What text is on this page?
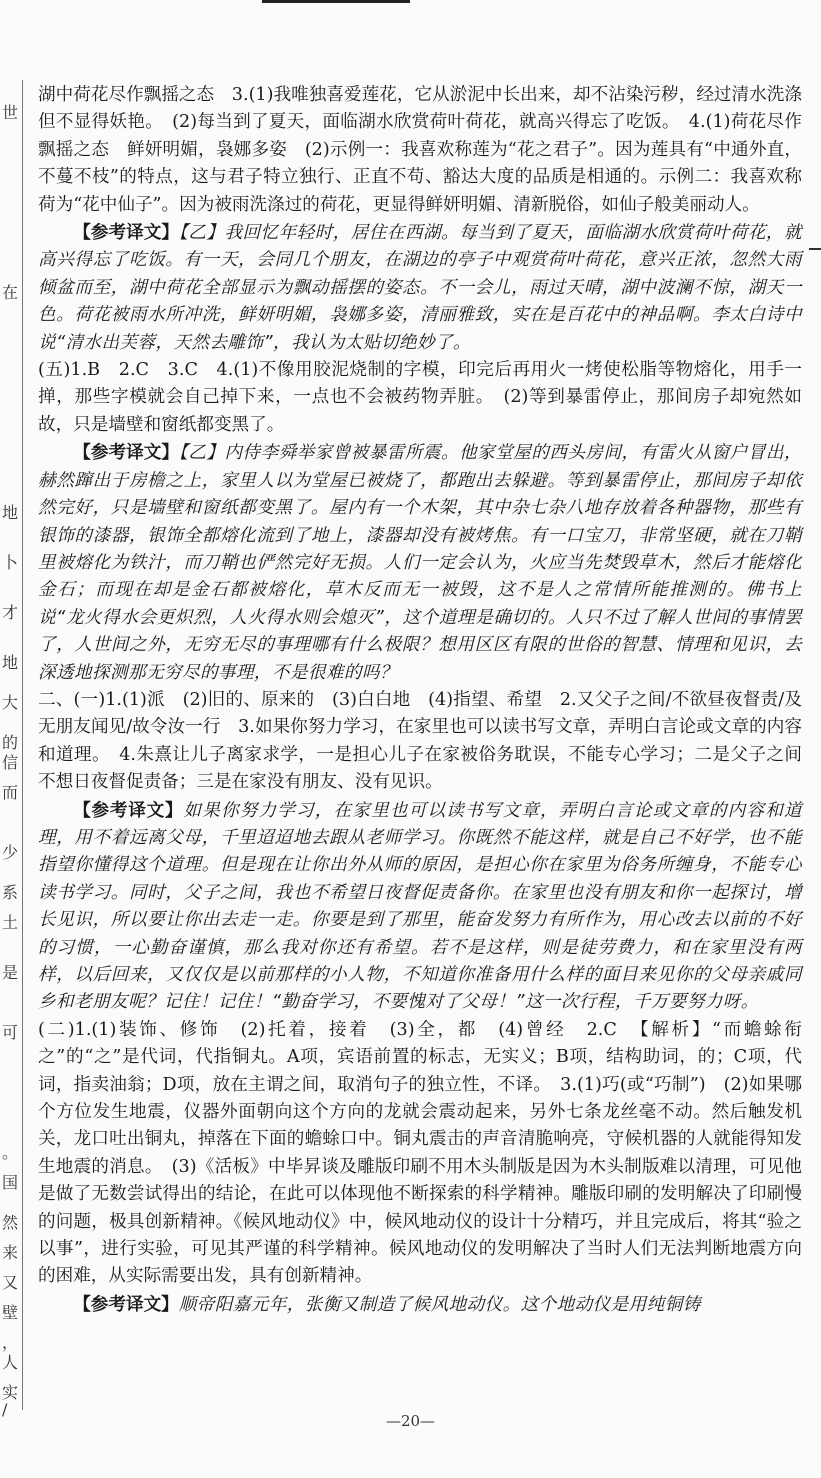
世
在
地
卜
才
地
大
的
信
而
少
系
土
是
可
。
国
然
来
又
壁
，
人
实
/

湖中荷花尽作飘摇之态　3.(1)我唯独喜爱莲花，它从淤泥中长出来，却不沾染污秽，经过清水洗涤但不显得妖艳。　(2)每当到了夏天，面临湖水欣赏荷叶荷花，就高兴得忘了吃饭。　4.(1)荷花尽作飘摇之态　鲜妍明媚，袅娜多姿　(2)示例一：我喜欢称莲为“花之君子”。因为莲具有“中通外直，不蔓不枝”的特点，这与君子特立独行、正直不苟、豁达大度的品质是相通的。示例二：我喜欢称荷为“花中仙子”。因为被雨洗涤过的荷花，更显得鲜妍明媚、清新脱俗，如仙子般美丽动人。

【参考译文】【乙】我回忆年轻时，居住在西湖。每当到了夏天，面临湖水欣赏荷叶荷花，就高兴得忘了吃饭。有一天，会同几个朋友，在湖边的亭子中观赏荷叶荷花，意兴正浓，忽然大雨倾盆而至，湖中荷花全部显示为飘动摇摆的姿态。不一会儿，雨过天晴，湖中波澜不惊，湖天一色。荷花被雨水所冲洗，鲜妍明媚，袅娜多姿，清丽雅致，实在是百花中的神品啊。李太白诗中说“清水出芙蓉，天然去雕饰”，我认为太贴切绝妙了。

(五)1.B　2.C　3.C　4.(1)不像用胶泥烧制的字模，印完后再用火一烤使松脂等物熔化，用手一掸，那些字模就会自己掉下来，一点也不会被药物弄脏。　(2)等到暴雷停止，那间房子却宛然如故，只是墙壁和窗纸都变黑了。

【参考译文】【乙】内侍李舜举家曾被暴雷所震。他家堂屋的西头房间，有雷火从窗户冒出，赫然蹿出于房檐之上，家里人以为堂屋已被烧了，都跑出去躲避。等到暴雷停止，那间房子却依然完好，只是墙壁和窗纸都变黑了。屋内有一个木架，其中杂七杂八地存放着各种器物，那些有银饰的漆器，银饰全都熔化流到了地上，漆器却没有被烤焦。有一口宝刀，非常坚硬，就在刀鞘里被熔化为铁汁，而刀鞘也俨然完好无损。人们一定会认为，火应当先焚毁草木，然后才能熔化金石；而现在却是金石都被熔化，草木反而无一被毁，这不是人之常情所能推测的。佛书上说“龙火得水会更炽烈，人火得水则会熄灭”，这个道理是确切的。人只不过了解人世间的事情罢了，人世间之外，无穷无尽的事理哪有什么极限？想用区区有限的世俗的智慧、情理和见识，去深透地探测那无穷尽的事理，不是很难的吗？

二、(一)1.(1)派　(2)旧的、原来的　(3)白白地　(4)指望、希望　2.又父子之间/不欲昼夜督责/及无朋友闻见/故令汝一行　3.如果你努力学习，在家里也可以读书写文章，弄明白言论或文章的内容和道理。　4.朱熹让儿子离家求学，一是担心儿子在家被俗务耽误，不能专心学习；二是父子之间不想日夜督促责备；三是在家没有朋友、没有见识。

【参考译文】如果你努力学习，在家里也可以读书写文章，弄明白言论或文章的内容和道理，用不着远离父母，千里迢迢地去跟从老师学习。你既然不能这样，就是自己不好学，也不能指望你懂得这个道理。但是现在让你出外从师的原因，是担心你在家里为俗务所缠身，不能专心读书学习。同时，父子之间，我也不希望日夜督促责备你。在家里也没有朋友和你一起探讨，增长见识，所以要让你出去走一走。你要是到了那里，能奋发努力有所作为，用心改去以前的不好的习惯，一心勤奋谨慎，那么我对你还有希望。若不是这样，则是徒劳费力，和在家里没有两样，以后回来，又仅仅是以前那样的小人物，不知道你准备用什么样的面目来见你的父母亲戚同乡和老朋友呢？记住！记住！“勤奋学习，不要愧对了父母！”这一次行程，千万要努力呀。

(二)1.(1)装饰、修饰　(2)托着，接着　(3)全，都　(4)曾经　2.C　【解析】“而蟾蜍衔之”的“之”是代词，代指铜丸。A项，宾语前置的标志，无实义；B项，结构助词，的；C项，代词，指卖油翁；D项，放在主谓之间，取消句子的独立性，不译。　3.(1)巧(或“巧制”)　(2)如果哪个方位发生地震，仪器外面朝向这个方向的龙就会震动起来，另外七条龙丝毫不动。然后触发机关，龙口吐出铜丸，掉落在下面的蟾蜍口中。铜丸震击的声音清脆响亮，守候机器的人就能得知发生地震的消息。　(3)《活板》中毕昇谈及雕版印刷不用木头制版是因为木头制版难以清理，可见他是做了无数尝试得出的结论，在此可以体现他不断探索的科学精神。雕版印刷的发明解决了印刷慢的问题，极具创新精神。《候风地动仪》中，候风地动仪的设计十分精巧，并且完成后，将其“验之以事”，进行实验，可见其严谨的科学精神。候风地动仪的发明解决了当时人们无法判断地震方向的困难，从实际需要出发，具有创新精神。

【参考译文】顺帝阳嘉元年，张衡又制造了候风地动仪。这个地动仪是用纯铜铸

—20—
